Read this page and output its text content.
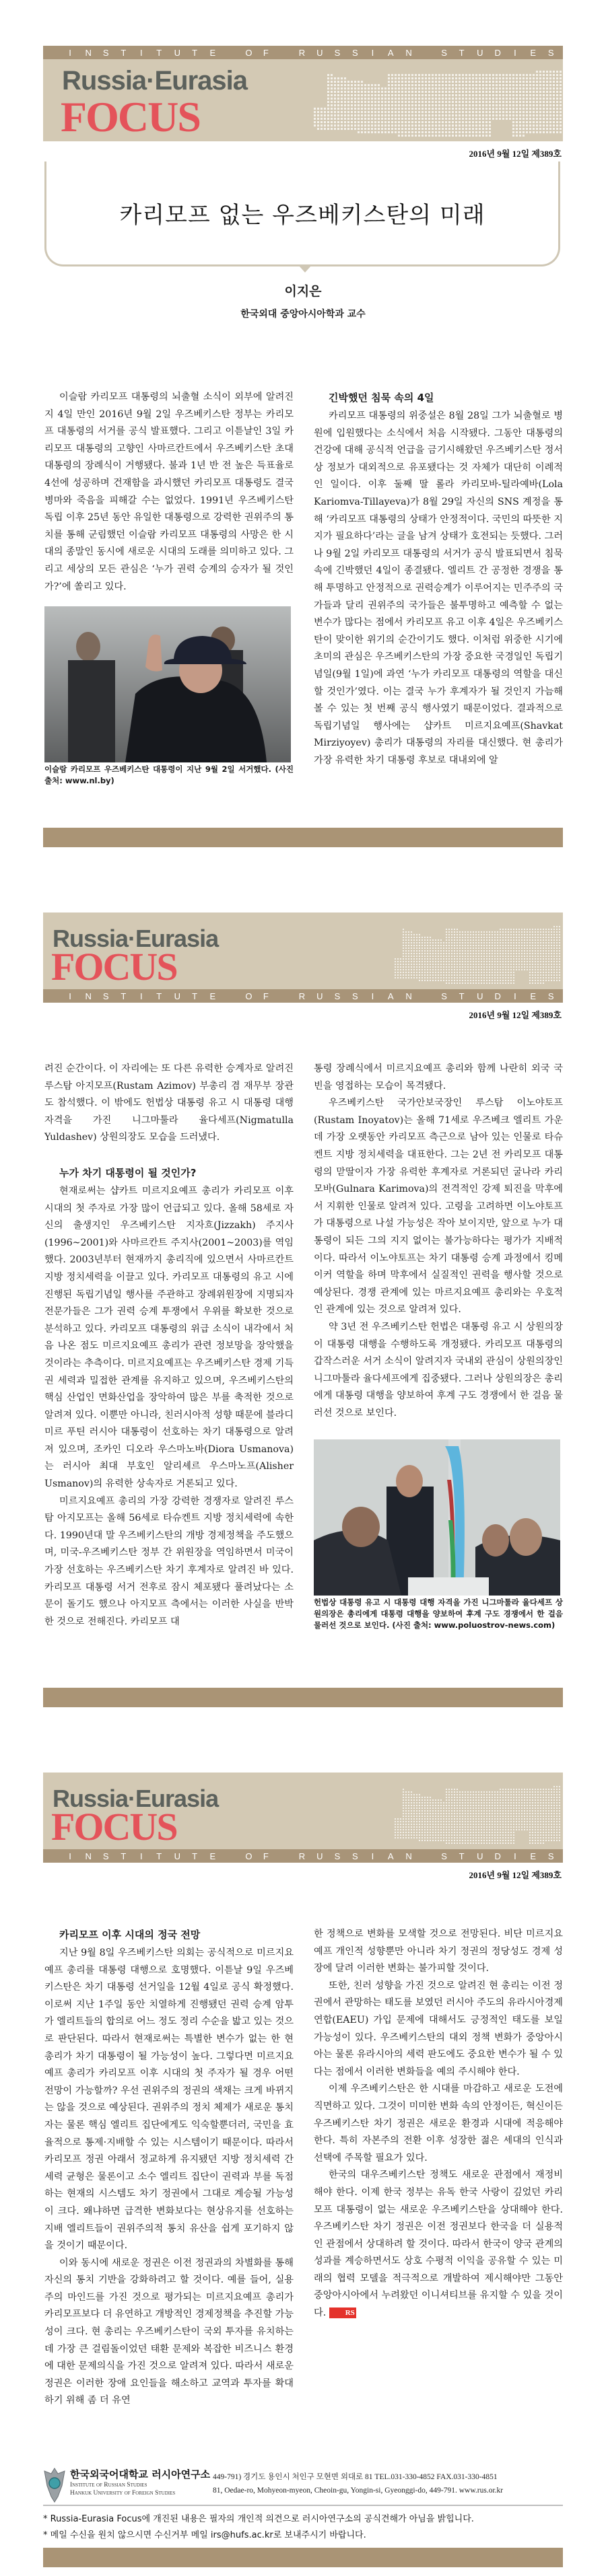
I N S T I T U T E
	O F
	R U S S I A N
	S T U D I E S
Russia·Eurasia
FOCUS
2016년 9월 12일 제389호
카리모프 없는 우즈베키스탄의 미래
이지은
한국외대 중앙아시아학과 교수

이슬람 카리모프 대통령의 뇌출혈 소식이 외부에 알려진 지 4일 만인 2016년 9월 2일 우즈베키스탄 정부는 카리모프 대통령의 서거를 공식 발표했다. 그리고 이튿날인 3일 카리모프 대통령의 고향인 사마르칸트에서 우즈베키스탄 초대 대통령의 장례식이 거행됐다. 불과 1년 반 전 높은 득표율로 4선에 성공하며 건재함을 과시했던 카리모프 대통령도 결국 병마와 죽음을 피해갈 수는 없었다. 1991년 우즈베키스탄 독립 이후 25년 동안 유일한 대통령으로 강력한 권위주의 통치를 통해 군림했던 이슬람 카리모프 대통령의 사망은 한 시대의 종말인 동시에 새로운 시대의 도래를 의미하고 있다. 그리고 세상의 모든 관심은 ‘누가 권력 승계의 승자가 될 것인가?’에 쏠리고 있다.

이슬람 카리모프 우즈베키스탄 대통령이 지난 9월 2일 서거했다. (사진 출처: www.nl.by)
긴박했던 침묵 속의 4일

카리모프 대통령의 위중설은 8월 28일 그가 뇌출혈로 병원에 입원했다는 소식에서 처음 시작됐다. 그동안 대통령의 건강에 대해 공식적 언급을 금기시해왔던 우즈베키스탄 정서상 정보가 대외적으로 유포됐다는 것 자체가 대단히 이례적인 일이다. 이후 둘째 딸 롤라 카리모바-틸라예바(Lola Kariomva-Tillayeva)가 8월 29일 자신의 SNS 계정을 통해 ‘카리모프 대통령의 상태가 안정적이다. 국민의 따뜻한 지지가 필요하다’라는 글을 남겨 상태가 호전되는 듯했다. 그러나 9월 2일 카리모프 대통령의 서거가 공식 발표되면서 침묵 속에 긴박했던 4일이 종결됐다. 엘리트 간 공정한 경쟁을 통해 투명하고 안정적으로 권력승계가 이루어지는 민주주의 국가들과 달리 권위주의 국가들은 불투명하고 예측할 수 없는 변수가 많다는 점에서 카리모프 유고 이후 4일은 우즈베키스탄이 맞이한 위기의 순간이기도 했다. 이처럼 위중한 시기에 초미의 관심은 우즈베키스탄의 가장 중요한 국경일인 독립기념일(9월 1일)에 과연 ‘누가 카리모프 대통령의 역할을 대신할 것인가’였다. 이는 결국 누가 후계자가 될 것인지 가늠해 볼 수 있는 첫 번째 공식 행사였기 때문이었다. 결과적으로 독립기념일 행사에는 샵카트 미르지요예프(Shavkat Mirziyoyev) 총리가 대통령의 자리를 대신했다. 현 총리가 가장 유력한 차기 대통령 후보로 대내외에 알

Russia·Eurasia
FOCUS
I N S T I T U T E
	O F
	R U S S I A N
	S T U D I E S
2016년 9월 12일 제389호

려진 순간이다. 이 자리에는 또 다른 유력한 승계자로 알려진 루스탐 아지모프(Rustam Azimov) 부총리 겸 재무부 장관도 참석했다. 이 밖에도 헌법상 대통령 유고 시 대통령 대행 자격을 가진 니그마툴라 율다세프(Nigmatulla Yuldashev) 상원의장도 모습을 드러냈다.

누가 차기 대통령이 될 것인가?

현재로써는 샵카트 미르지요예프 총리가 카리모프 이후 시대의 첫 주자로 가장 많이 언급되고 있다. 올해 58세로 자신의 출생지인 우즈베키스탄 지자흐(Jizzakh) 주지사(1996~2001)와 사마르칸트 주지사(2001~2003)를 역임했다. 2003년부터 현재까지 총리직에 있으면서 사마르칸트 지방 정치세력을 이끌고 있다. 카리모프 대통령의 유고 시에 진행된 독립기념일 행사를 주관하고 장례위원장에 지명되자 전문가들은 그가 권력 승계 투쟁에서 우위를 확보한 것으로 분석하고 있다. 카리모프 대통령의 위급 소식이 내각에서 처음 나온 점도 미르지요예프 총리가 관련 정보망을 장악했을 것이라는 추측이다. 미르지요예프는 우즈베키스탄 경제 기득권 세력과 밀접한 관계를 유지하고 있으며, 우즈베키스탄의 핵심 산업인 면화산업을 장악하여 많은 부를 축적한 것으로 알려져 있다. 이뿐만 아니라, 친러시아적 성향 때문에 블라디미르 푸틴 러시아 대통령이 선호하는 차기 대통령으로 알려져 있으며, 조카인 디오라 우스마노바(Diora Usmanova)는 러시아 최대 부호인 알리셰르 우스마노프(Alisher Usmanov)의 유력한 상속자로 거론되고 있다.

미르지요예프 총리의 가장 강력한 경쟁자로 알려진 루스탐 아지모프는 올해 56세로 타슈켄트 지방 정치세력에 속한다. 1990년대 말 우즈베키스탄의 개방 경제정책을 주도했으며, 미국-우즈베키스탄 정부 간 위원장을 역임하면서 미국이 가장 선호하는 우즈베키스탄 차기 후계자로 알려진 바 있다. 카리모프 대통령 서거 전후로 잠시 체포됐다 풀려났다는 소문이 돌기도 했으나 아지모프 측에서는 이러한 사실을 반박한 것으로 전해진다. 카리모프 대

통령 장례식에서 미르지요예프 총리와 함께 나란히 외국 국빈을 영접하는 모습이 목격됐다.

우즈베키스탄 국가안보국장인 루스탐 이노야토프(Rustam Inoyatov)는 올해 71세로 우즈베크 엘리트 가운데 가장 오랫동안 카리모프 측근으로 남아 있는 인물로 타슈켄트 지방 정치세력을 대표한다. 그는 2년 전 카리모프 대통령의 맏딸이자 가장 유력한 후계자로 거론되던 굴나라 카리모바(Gulnara Karimova)의 전격적인 강제 퇴진을 막후에서 지휘한 인물로 알려져 있다. 고령을 고려하면 이노야토프가 대통령으로 나설 가능성은 작아 보이지만, 앞으로 누가 대통령이 되든 그의 지지 없이는 불가능하다는 평가가 지배적이다. 따라서 이노야토프는 차기 대통령 승계 과정에서 킹메이커 역할을 하며 막후에서 실질적인 권력을 행사할 것으로 예상된다. 경쟁 관계에 있는 마르지요예프 총리와는 우호적인 관계에 있는 것으로 알려져 있다.

약 3년 전 우즈베키스탄 헌법은 대통령 유고 시 상원의장이 대통령 대행을 수행하도록 개정됐다. 카리모프 대통령의 갑작스러운 서거 소식이 알려지자 국내외 관심이 상원의장인 니그마툴라 율다세프에게 집중됐다. 그러나 상원의장은 총리에게 대통령 대행을 양보하여 후계 구도 경쟁에서 한 걸음 물러선 것으로 보인다.

헌법상 대통령 유고 시 대통령 대행 자격을 가진 니그마툴라 율다세프 상원의장은 총리에게 대통령 대행을 양보하여 후계 구도 경쟁에서 한 걸음 물러선 것으로 보인다. (사진 출처: www.poluostrov-news.com)
Russia·Eurasia
FOCUS
I N S T I T U T E
	O F
	R U S S I A N
	S T U D I E S
2016년 9월 12일 제389호
카리모프 이후 시대의 정국 전망

지난 9월 8일 우즈베키스탄 의회는 공식적으로 미르지요예프 총리를 대통령 대행으로 호명했다. 이튿날 9일 우즈베키스탄은 차기 대통령 선거일을 12월 4일로 공식 확정했다. 이로써 지난 1주일 동안 치열하게 진행됐던 권력 승계 암투가 엘리트들의 합의로 어느 정도 정리 수순을 밟고 있는 것으로 판단된다. 따라서 현재로써는 특별한 변수가 없는 한 현 총리가 차기 대통령이 될 가능성이 높다. 그렇다면 미르지요예프 총리가 카리모프 이후 시대의 첫 주자가 될 경우 어떤 전망이 가능할까? 우선 권위주의 정권의 색채는 크게 바뀌지는 않을 것으로 예상된다. 권위주의 정치 체제가 새로운 통치자는 물론 핵심 엘리트 집단에게도 익숙할뿐더러, 국민을 효율적으로 통제·지배할 수 있는 시스템이기 때문이다. 따라서 카리모프 정권 아래서 정교하게 유지됐던 지방 정치세력 간 세력 균형은 물론이고 소수 엘리트 집단이 권력과 부를 독점하는 현재의 시스템도 차기 정권에서 그대로 계승될 가능성이 크다. 왜냐하면 급격한 변화보다는 현상유지를 선호하는 지배 엘리트들이 권위주의적 통치 유산을 쉽게 포기하지 않을 것이기 때문이다.

이와 동시에 새로운 정권은 이전 정권과의 차별화를 통해 자신의 통치 기반을 강화하려고 할 것이다. 예를 들어, 실용주의 마인드를 가진 것으로 평가되는 미르지요예프 총리가 카리모프보다 더 유연하고 개방적인 경제정책을 추진할 가능성이 크다. 현 총리는 우즈베키스탄이 국외 투자를 유치하는 데 가장 큰 걸림돌이었던 태환 문제와 복잡한 비즈니스 환경에 대한 문제의식을 가진 것으로 알려져 있다. 따라서 새로운 정권은 이러한 장애 요인들을 해소하고 교역과 투자를 확대하기 위해 좀 더 유연

한 정책으로 변화를 모색할 것으로 전망된다. 비단 미르지요예프 개인적 성향뿐만 아니라 차기 정권의 정당성도 경제 성장에 달려 이러한 변화는 불가피할 것이다.

또한, 친러 성향을 가진 것으로 알려진 현 총리는 이전 정권에서 관망하는 태도를 보였던 러시아 주도의 유라시아경제연합(EAEU) 가입 문제에 대해서도 긍정적인 태도를 보일 가능성이 있다. 우즈베키스탄의 대외 정책 변화가 중앙아시아는 물론 유라시아의 세력 판도에도 중요한 변수가 될 수 있다는 점에서 이러한 변화들을 예의 주시해야 한다.

이제 우즈베키스탄은 한 시대를 마감하고 새로운 도전에 직면하고 있다. 그것이 미미한 변화 속의 안정이든, 혁신이든 우즈베키스탄 차기 정권은 새로운 환경과 시대에 적응해야 한다. 특히 자본주의 전환 이후 성장한 젊은 세대의 인식과 선택에 주목할 필요가 있다.

한국의 대우즈베키스탄 정책도 새로운 관점에서 재정비해야 한다. 이제 한국 정부는 유독 한국 사랑이 깊었던 카리모프 대통령이 없는 새로운 우즈베키스탄을 상대해야 한다. 우즈베키스탄 차기 정권은 이전 정권보다 한국을 더 실용적인 관점에서 상대하려 할 것이다. 따라서 한국이 양국 관계의 성과를 계승하면서도 상호 수평적 이익을 공유할 수 있는 미래의 협력 모델을 적극적으로 개발하여 제시해야만 그동안 중앙아시아에서 누려왔던 이니셔티브를 유지할 수 있을 것이다.	RS

한국외국어대학교 러시아연구소
Institute of Russian Studies
Hankuk University of Foreign Studies
449-791) 경기도 용인시 처인구 모현면 외대로 81 TEL.031-330-4852 FAX.031-330-4851
81, Oedae-ro, Mohyeon-myeon, Cheoin-gu, Yongin-si, Gyeonggi-do, 449-791. www.rus.or.kr
* Russia-Eurasia Focus에 개진된 내용은 필자의 개인적 의견으로 러시아연구소의 공식견해가 아님을 밝힙니다.
* 메일 수신을 원치 않으시면 수신거부 메일 irs@hufs.ac.kr로 보내주시기 바랍니다.
